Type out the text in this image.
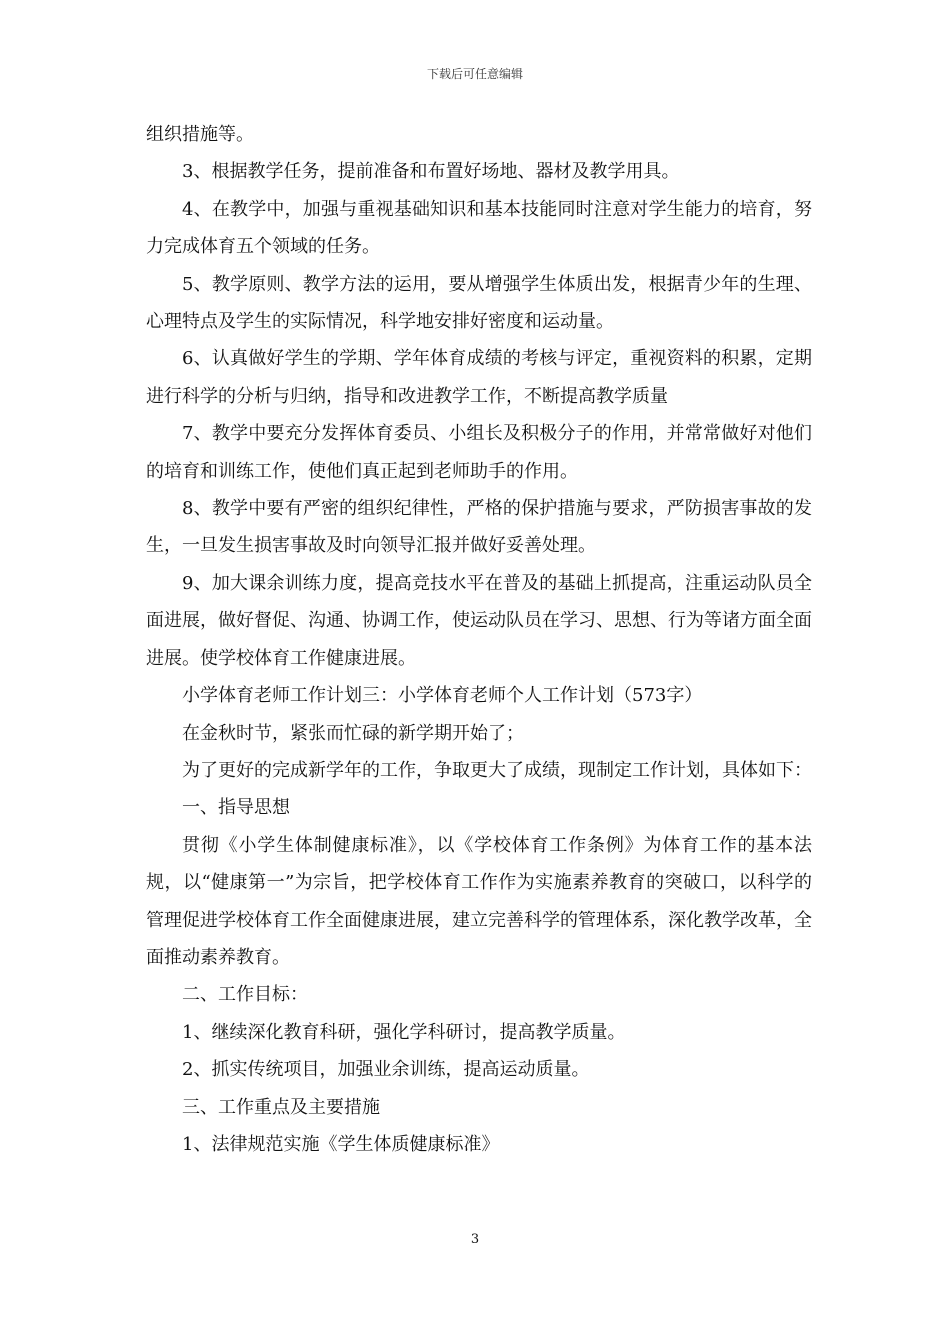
下载后可任意编辑

组织措施等。

3、根据教学任务，提前准备和布置好场地、器材及教学用具。

4、在教学中，加强与重视基础知识和基本技能同时注意对学生能力的培育，努力完成体育五个领域的任务。

5、教学原则、教学方法的运用，要从增强学生体质出发，根据青少年的生理、心理特点及学生的实际情况，科学地安排好密度和运动量。

6、认真做好学生的学期、学年体育成绩的考核与评定，重视资料的积累，定期进行科学的分析与归纳，指导和改进教学工作，不断提高教学质量

7、教学中要充分发挥体育委员、小组长及积极分子的作用，并常常做好对他们的培育和训练工作，使他们真正起到老师助手的作用。

8、教学中要有严密的组织纪律性，严格的保护措施与要求，严防损害事故的发生，一旦发生损害事故及时向领导汇报并做好妥善处理。

9、加大课余训练力度，提高竞技水平在普及的基础上抓提高，注重运动队员全面进展，做好督促、沟通、协调工作，使运动队员在学习、思想、行为等诸方面全面进展。使学校体育工作健康进展。

小学体育老师工作计划三：小学体育老师个人工作计划（573字）

在金秋时节，紧张而忙碌的新学期开始了；

为了更好的完成新学年的工作，争取更大了成绩，现制定工作计划，具体如下：

一、指导思想

贯彻《小学生体制健康标准》，以《学校体育工作条例》为体育工作的基本法规，以“健康第一”为宗旨，把学校体育工作作为实施素养教育的突破口，以科学的管理促进学校体育工作全面健康进展，建立完善科学的管理体系，深化教学改革，全面推动素养教育。

二、工作目标：

1、继续深化教育科研，强化学科研讨，提高教学质量。

2、抓实传统项目，加强业余训练，提高运动质量。

三、工作重点及主要措施

1、法律规范实施《学生体质健康标准》

3
